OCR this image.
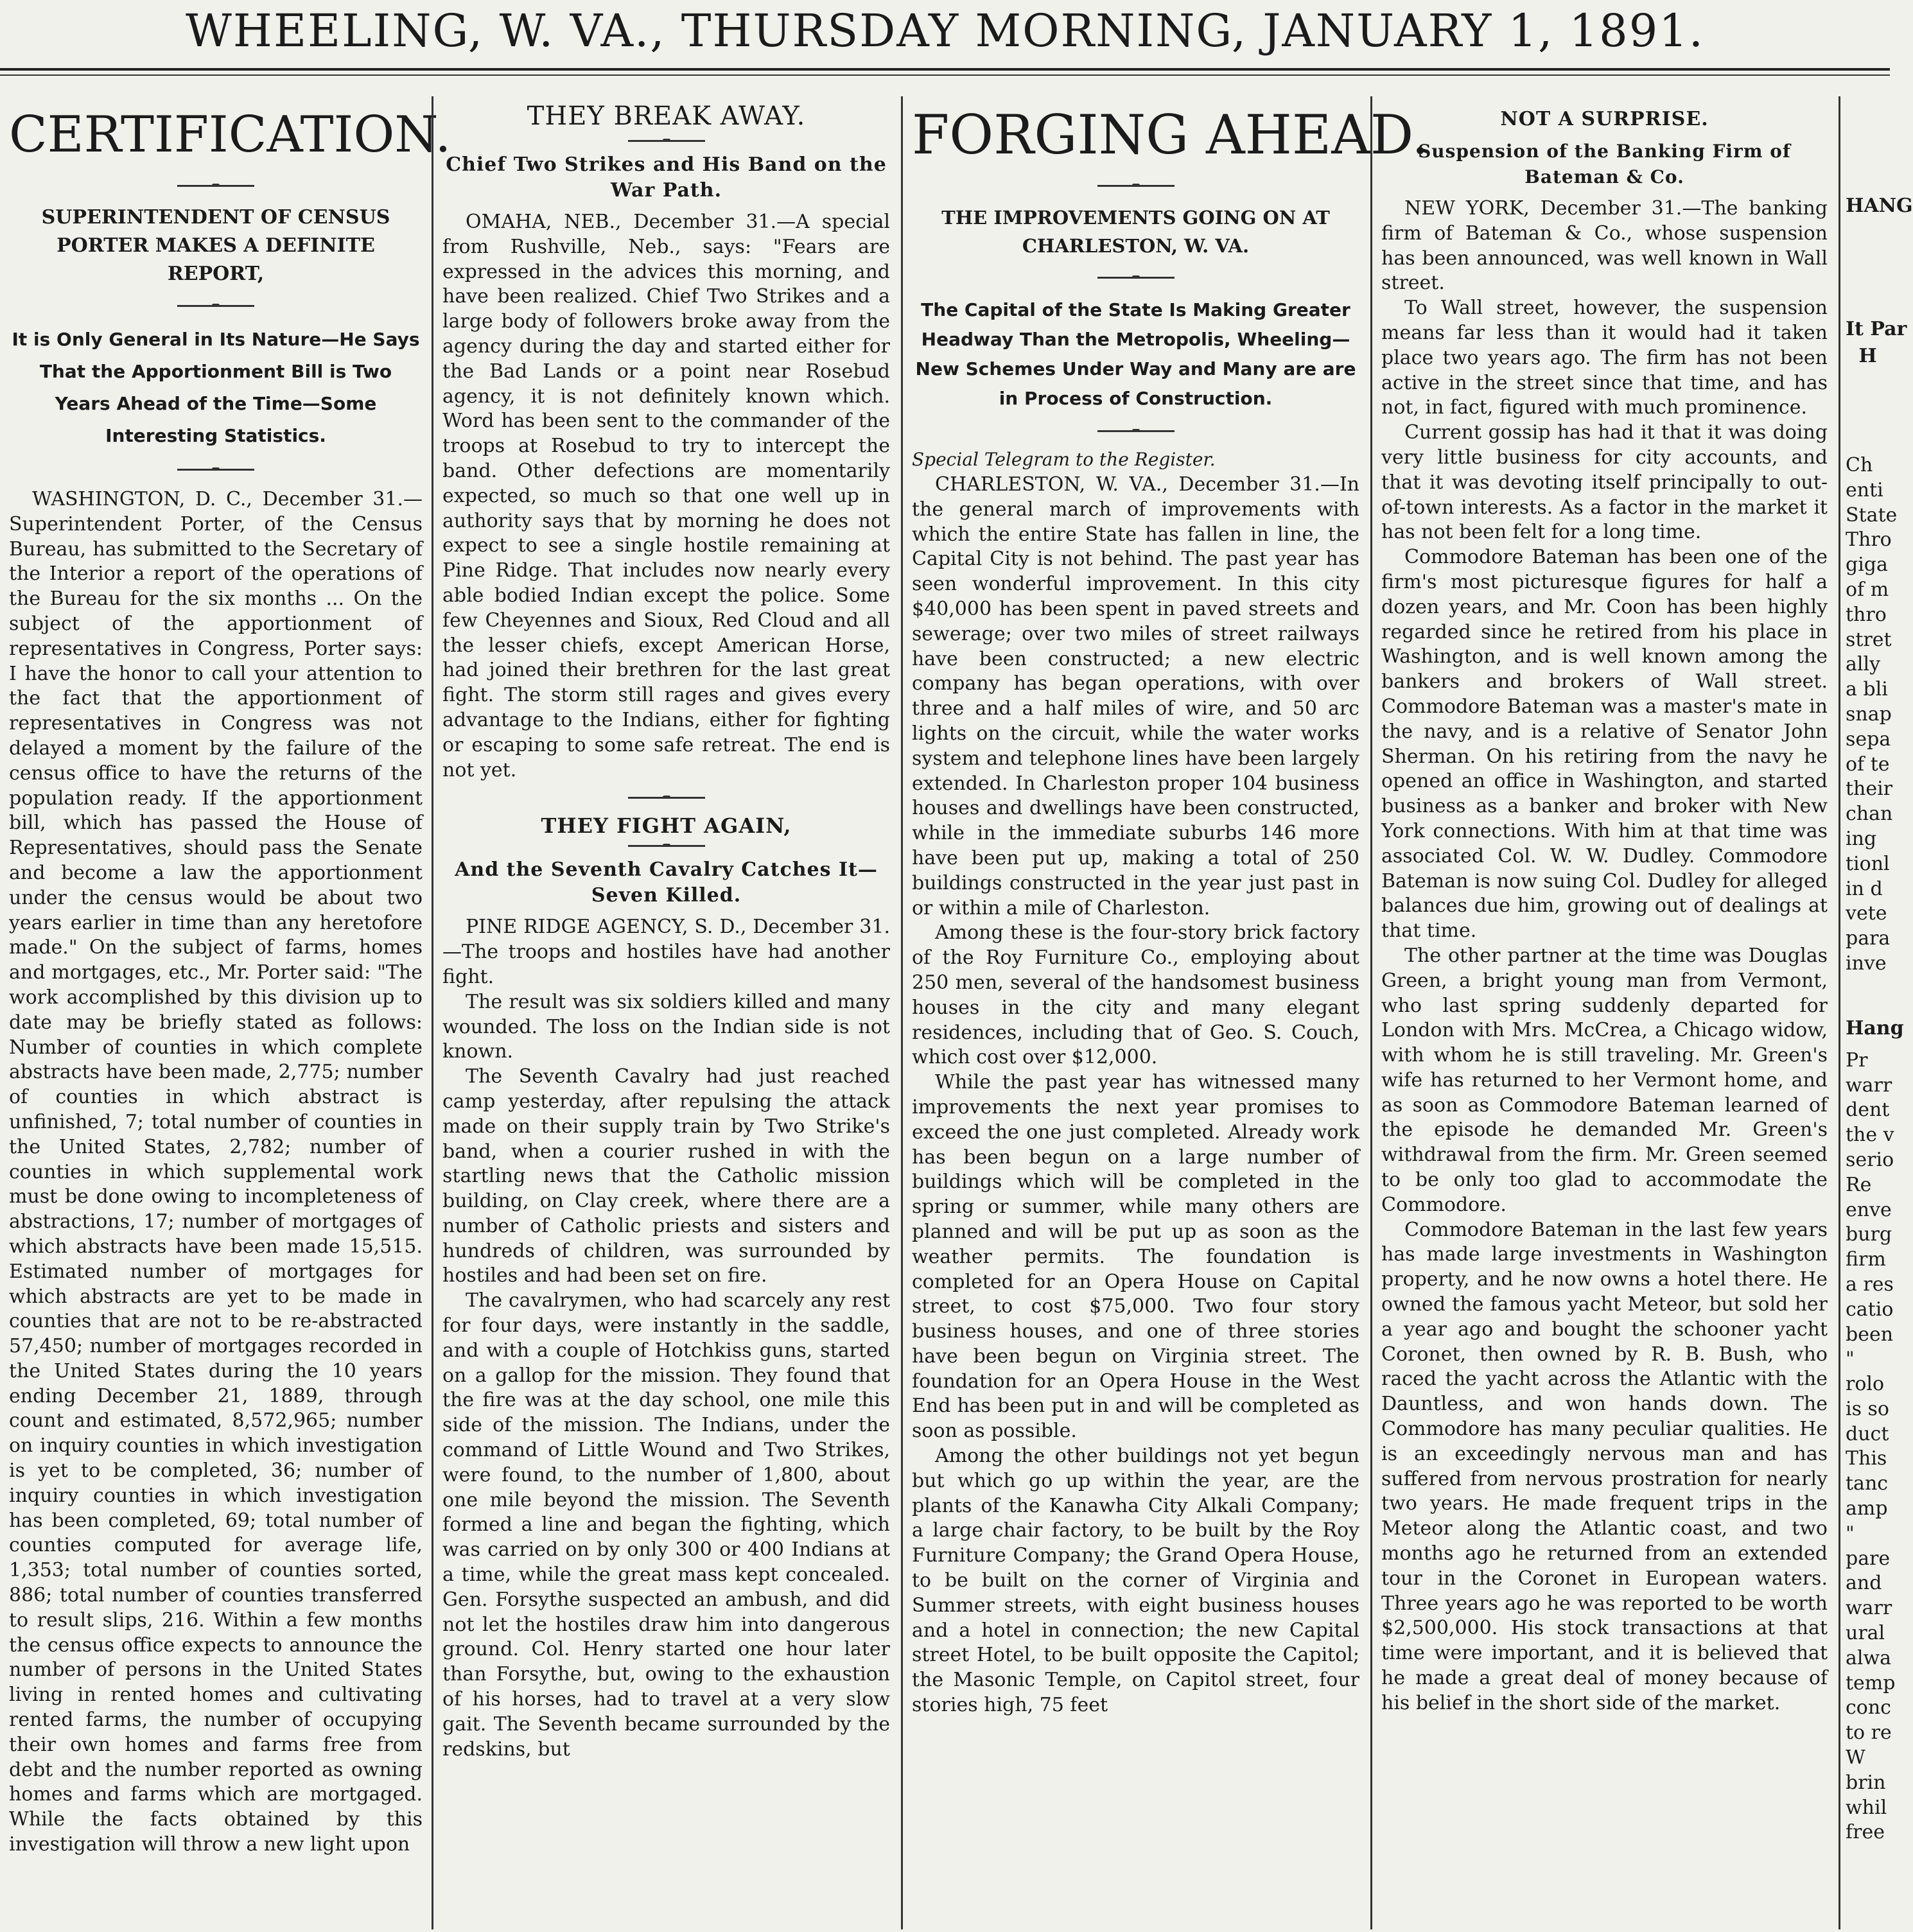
WHEELING, W. VA., THURSDAY MORNING, JANUARY 1, 1891.
CERTIFICATION.
SUPERINTENDENT OF CENSUS PORTER MAKES A DEFINITE REPORT,
It is Only General in Its Nature—He Says That the Apportionment Bill is Two Years Ahead of the Time—Some Interesting Statistics.

WASHINGTON, D. C., December 31.—Superintendent Porter, of the Census Bureau, has submitted to the Secretary of the Interior a report of the operations of the Bureau for the six months ... On the subject of the apportionment of representatives in Congress, Porter says: I have the honor to call your attention to the fact that the apportionment of representatives in Congress was not delayed a moment by the failure of the census office to have the returns of the population ready. If the apportionment bill, which has passed the House of Representatives, should pass the Senate and become a law the apportionment under the census would be about two years earlier in time than any heretofore made." On the subject of farms, homes and mortgages, etc., Mr. Porter said: "The work accomplished by this division up to date may be briefly stated as follows: Number of counties in which complete abstracts have been made, 2,775; number of counties in which abstract is unfinished, 7; total number of counties in the United States, 2,782; number of counties in which supplemental work must be done owing to incompleteness of abstractions, 17; number of mortgages of which abstracts have been made 15,515. Estimated number of mortgages for which abstracts are yet to be made in counties that are not to be re-abstracted 57,450; number of mortgages recorded in the United States during the 10 years ending December 21, 1889, through count and estimated, 8,572,965; number on inquiry counties in which investigation is yet to be completed, 36; number of inquiry counties in which investigation has been completed, 69; total number of counties computed for average life, 1,353; total number of counties sorted, 886; total number of counties transferred to result slips, 216. Within a few months the census office expects to announce the number of persons in the United States living in rented homes and cultivating rented farms, the number of occupying their own homes and farms free from debt and the number reported as owning homes and farms which are mortgaged. While the facts obtained by this investigation will throw a new light upon

THEY BREAK AWAY.
Chief Two Strikes and His Band on the War Path.

OMAHA, NEB., December 31.—A special from Rushville, Neb., says: "Fears are expressed in the advices this morning, and have been realized. Chief Two Strikes and a large body of followers broke away from the agency during the day and started either for the Bad Lands or a point near Rosebud agency, it is not definitely known which. Word has been sent to the commander of the troops at Rosebud to try to intercept the band. Other defections are momentarily expected, so much so that one well up in authority says that by morning he does not expect to see a single hostile remaining at Pine Ridge. That includes now nearly every able bodied Indian except the police. Some few Cheyennes and Sioux, Red Cloud and all the lesser chiefs, except American Horse, had joined their brethren for the last great fight. The storm still rages and gives every advantage to the Indians, either for fighting or escaping to some safe retreat. The end is not yet.

THEY FIGHT AGAIN,
And the Seventh Cavalry Catches It—Seven Killed.

PINE RIDGE AGENCY, S. D., December 31.—The troops and hostiles have had another fight.

The result was six soldiers killed and many wounded. The loss on the Indian side is not known.

The Seventh Cavalry had just reached camp yesterday, after repulsing the attack made on their supply train by Two Strike's band, when a courier rushed in with the startling news that the Catholic mission building, on Clay creek, where there are a number of Catholic priests and sisters and hundreds of children, was surrounded by hostiles and had been set on fire.

The cavalrymen, who had scarcely any rest for four days, were instantly in the saddle, and with a couple of Hotchkiss guns, started on a gallop for the mission. They found that the fire was at the day school, one mile this side of the mission. The Indians, under the command of Little Wound and Two Strikes, were found, to the number of 1,800, about one mile beyond the mission. The Seventh formed a line and began the fighting, which was carried on by only 300 or 400 Indians at a time, while the great mass kept concealed. Gen. Forsythe suspected an ambush, and did not let the hostiles draw him into dangerous ground. Col. Henry started one hour later than Forsythe, but, owing to the exhaustion of his horses, had to travel at a very slow gait. The Seventh became surrounded by the redskins, but

FORGING AHEAD.
THE IMPROVEMENTS GOING ON AT CHARLESTON, W. VA.
The Capital of the State Is Making Greater Headway Than the Metropolis, Wheeling—New Schemes Under Way and Many are are in Process of Construction.
Special Telegram to the Register.

CHARLESTON, W. VA., December 31.—In the general march of improvements with which the entire State has fallen in line, the Capital City is not behind. The past year has seen wonderful improvement. In this city $40,000 has been spent in paved streets and sewerage; over two miles of street railways have been constructed; a new electric company has began operations, with over three and a half miles of wire, and 50 arc lights on the circuit, while the water works system and telephone lines have been largely extended. In Charleston proper 104 business houses and dwellings have been constructed, while in the immediate suburbs 146 more have been put up, making a total of 250 buildings constructed in the year just past in or within a mile of Charleston.

Among these is the four-story brick factory of the Roy Furniture Co., employing about 250 men, several of the handsomest business houses in the city and many elegant residences, including that of Geo. S. Couch, which cost over $12,000.

While the past year has witnessed many improvements the next year promises to exceed the one just completed. Already work has been begun on a large number of buildings which will be completed in the spring or summer, while many others are planned and will be put up as soon as the weather permits. The foundation is completed for an Opera House on Capital street, to cost $75,000. Two four story business houses, and one of three stories have been begun on Virginia street. The foundation for an Opera House in the West End has been put in and will be completed as soon as possible.

Among the other buildings not yet begun but which go up within the year, are the plants of the Kanawha City Alkali Company; a large chair factory, to be built by the Roy Furniture Company; the Grand Opera House, to be built on the corner of Virginia and Summer streets, with eight business houses and a hotel in connection; the new Capital street Hotel, to be built opposite the Capitol; the Masonic Temple, on Capitol street, four stories high, 75 feet

NOT A SURPRISE.
Suspension of the Banking Firm of Bateman & Co.

NEW YORK, December 31.—The banking firm of Bateman & Co., whose suspension has been announced, was well known in Wall street.

To Wall street, however, the suspension means far less than it would had it taken place two years ago. The firm has not been active in the street since that time, and has not, in fact, figured with much prominence.

Current gossip has had it that it was doing very little business for city accounts, and that it was devoting itself principally to out-of-town interests. As a factor in the market it has not been felt for a long time.

Commodore Bateman has been one of the firm's most picturesque figures for half a dozen years, and Mr. Coon has been highly regarded since he retired from his place in Washington, and is well known among the bankers and brokers of Wall street. Commodore Bateman was a master's mate in the navy, and is a relative of Senator John Sherman. On his retiring from the navy he opened an office in Washington, and started business as a banker and broker with New York connections. With him at that time was associated Col. W. W. Dudley. Commodore Bateman is now suing Col. Dudley for alleged balances due him, growing out of dealings at that time.

The other partner at the time was Douglas Green, a bright young man from Vermont, who last spring suddenly departed for London with Mrs. McCrea, a Chicago widow, with whom he is still traveling. Mr. Green's wife has returned to her Vermont home, and as soon as Commodore Bateman learned of the episode he demanded Mr. Green's withdrawal from the firm. Mr. Green seemed to be only too glad to accommodate the Commodore.

Commodore Bateman in the last few years has made large investments in Washington property, and he now owns a hotel there. He owned the famous yacht Meteor, but sold her a year ago and bought the schooner yacht Coronet, then owned by R. B. Bush, who raced the yacht across the Atlantic with the Dauntless, and won hands down. The Commodore has many peculiar qualities. He is an exceedingly nervous man and has suffered from nervous prostration for nearly two years. He made frequent trips in the Meteor along the Atlantic coast, and two months ago he returned from an extended tour in the Coronet in European waters. Three years ago he was reported to be worth $2,500,000. His stock transactions at that time were important, and it is believed that he made a great deal of money because of his belief in the short side of the market.

HANG
It Par
H
Ch
enti
State
Thro
giga
of m
thro
stret
ally
a bli
snap
sepa
of te
their
chan
ing
tionl
in d
vete
para
inve
Hang
Pr
warr
dent
the v
serio
Re
enve
burg
firm
a res
catio
been
"
rolo
is so
duct
This
tanc
amp
"
pare
and
warr
ural
alwa
temp
conc
to re
W
brin
whil
free
